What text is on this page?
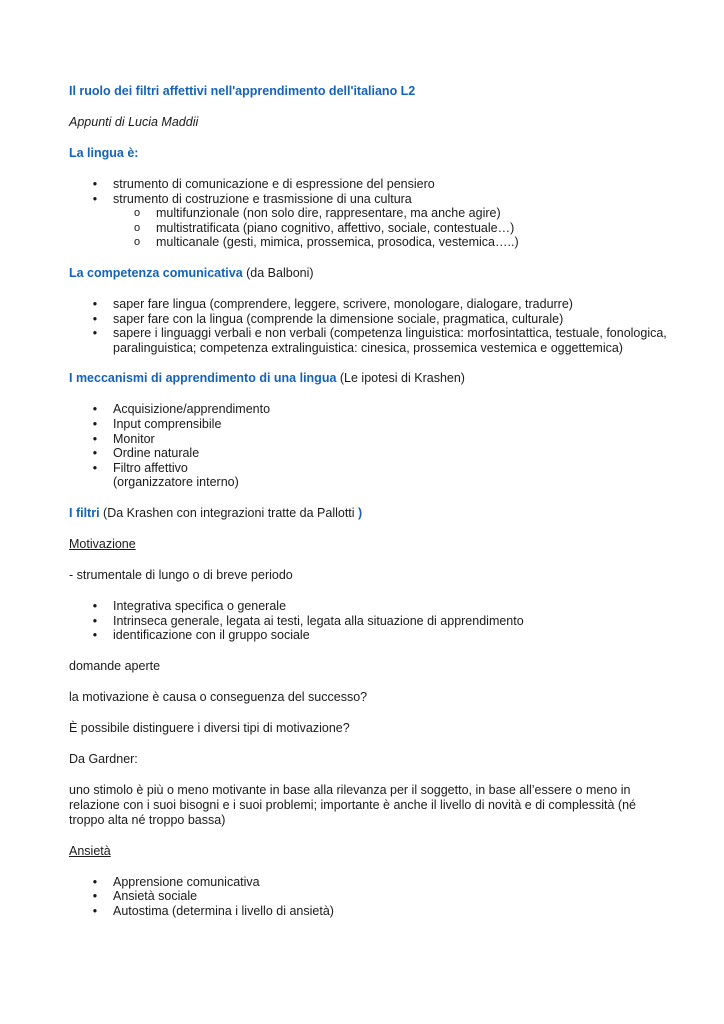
Il ruolo dei filtri affettivi nell'apprendimento dell'italiano L2

Appunti di Lucia Maddii

La lingua è:

• strumento di comunicazione e di espressione del pensiero
• strumento di costruzione e trasmissione di una cultura
o multifunzionale (non solo dire, rappresentare, ma anche agire)
o multistratificata (piano cognitivo, affettivo, sociale, contestuale…)
o multicanale (gesti, mimica, prossemica, prosodica, vestemica…..)

La competenza comunicativa (da Balboni)

• saper fare lingua (comprendere, leggere, scrivere, monologare, dialogare, tradurre)
• saper fare con la lingua (comprende la dimensione sociale, pragmatica, culturale)
• sapere i linguaggi verbali e non verbali (competenza linguistica: morfosintattica, testuale, fonologica, paralinguistica; competenza extralinguistica: cinesica, prossemica vestemica e oggettemica)

I meccanismi di apprendimento di una lingua (Le ipotesi di Krashen)

• Acquisizione/apprendimento
• Input comprensibile
• Monitor
• Ordine naturale
• Filtro affettivo
(organizzatore interno)

I filtri (Da Krashen con integrazioni tratte da Pallotti )

Motivazione

- strumentale di lungo o di breve periodo

• Integrativa specifica o generale
• Intrinseca generale, legata ai testi, legata alla situazione di apprendimento
• identificazione con il gruppo sociale

domande aperte

la motivazione è causa o conseguenza del successo?

È possibile distinguere i diversi tipi di motivazione?

Da Gardner:

uno stimolo è più o meno motivante in base alla rilevanza per il soggetto, in base all’essere o meno in relazione con i suoi bisogni e i suoi problemi; importante è anche il livello di novità e di complessità (né troppo alta né troppo bassa)

Ansietà

• Apprensione comunicativa
• Ansietà sociale
• Autostima (determina i livello di ansietà)
